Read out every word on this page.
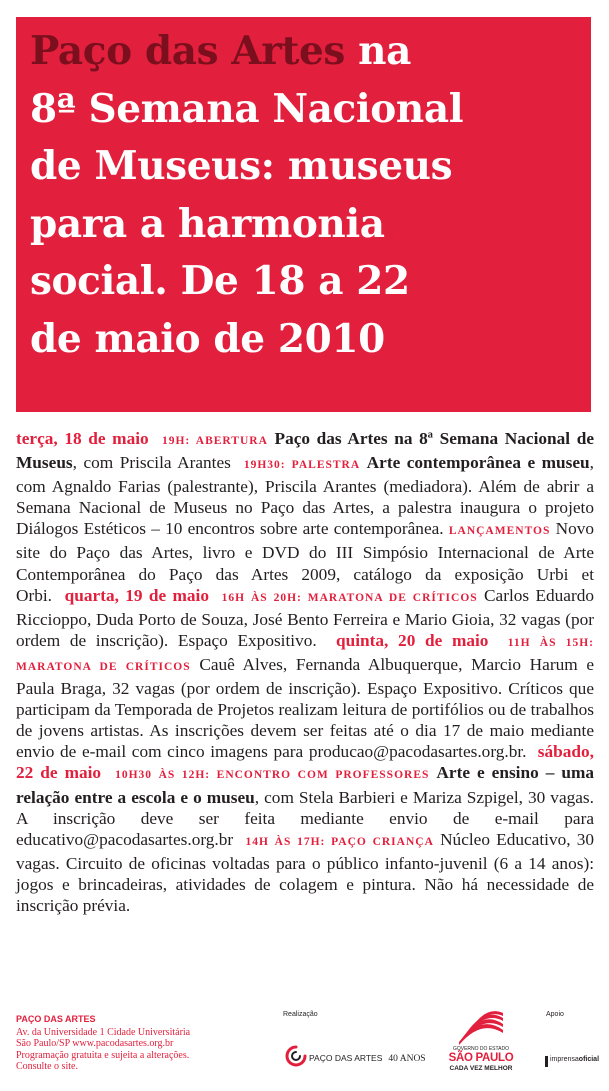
Paço das Artes na
8ª Semana Nacional
de Museus: museus
para a harmonia
social. De 18 a 22
de maio de 2010

terça, 18 de maio 19H: ABERTURA Paço das Artes na 8ª Semana Nacional de Museus, com Priscila Arantes 19H30: PALESTRA Arte contemporânea e museu, com Agnaldo Farias (palestrante), Priscila Arantes (mediadora). Além de abrir a Semana Nacional de Museus no Paço das Artes, a palestra inaugura o projeto Diálogos Estéticos – 10 encontros sobre arte contemporânea. LANÇAMENTOS Novo site do Paço das Artes, livro e DVD do III Simpósio Internacional de Arte Contemporânea do Paço das Artes 2009, catálogo da exposição Urbi et Orbi. quarta, 19 de maio 16H ÀS 20H: MARATONA DE CRÍTICOS Carlos Eduardo Riccioppo, Duda Porto de Souza, José Bento Ferreira e Mario Gioia, 32 vagas (por ordem de inscrição). Espaço Expositivo. quinta, 20 de maio 11H ÀS 15H: MARATONA DE CRÍTICOS Cauê Alves, Fernanda Albuquerque, Marcio Harum e Paula Braga, 32 vagas (por ordem de inscrição). Espaço Expositivo. Críticos que participam da Temporada de Projetos realizam leitura de portifólios ou de trabalhos de jovens artistas. As inscrições devem ser feitas até o dia 17 de maio mediante envio de e-mail com cinco imagens para producao@pacodasartes.org.br. sábado, 22 de maio 10H30 ÀS 12H: ENCONTRO COM PROFESSORES Arte e ensino – uma relação entre a escola e o museu, com Stela Barbieri e Mariza Szpigel, 30 vagas. A inscrição deve ser feita mediante envio de e-mail para educativo@pacodasartes.org.br 14H ÀS 17H: PAÇO CRIANÇA Núcleo Educativo, 30 vagas. Circuito de oficinas voltadas para o público infanto-juvenil (6 a 14 anos): jogos e brincadeiras, atividades de colagem e pintura. Não há necessidade de inscrição prévia.

PAÇO DAS ARTES
Av. da Universidade 1 Cidade Universitária
São Paulo/SP www.pacodasartes.org.br
Programação gratuita e sujeita a alterações.
Consulte o site.
Realização	Apoio
PAÇO DAS ARTES 40 ANOS
GOVERNO DO ESTADO
SÃO PAULO
CADA VEZ MELHOR
imprensaoficial
